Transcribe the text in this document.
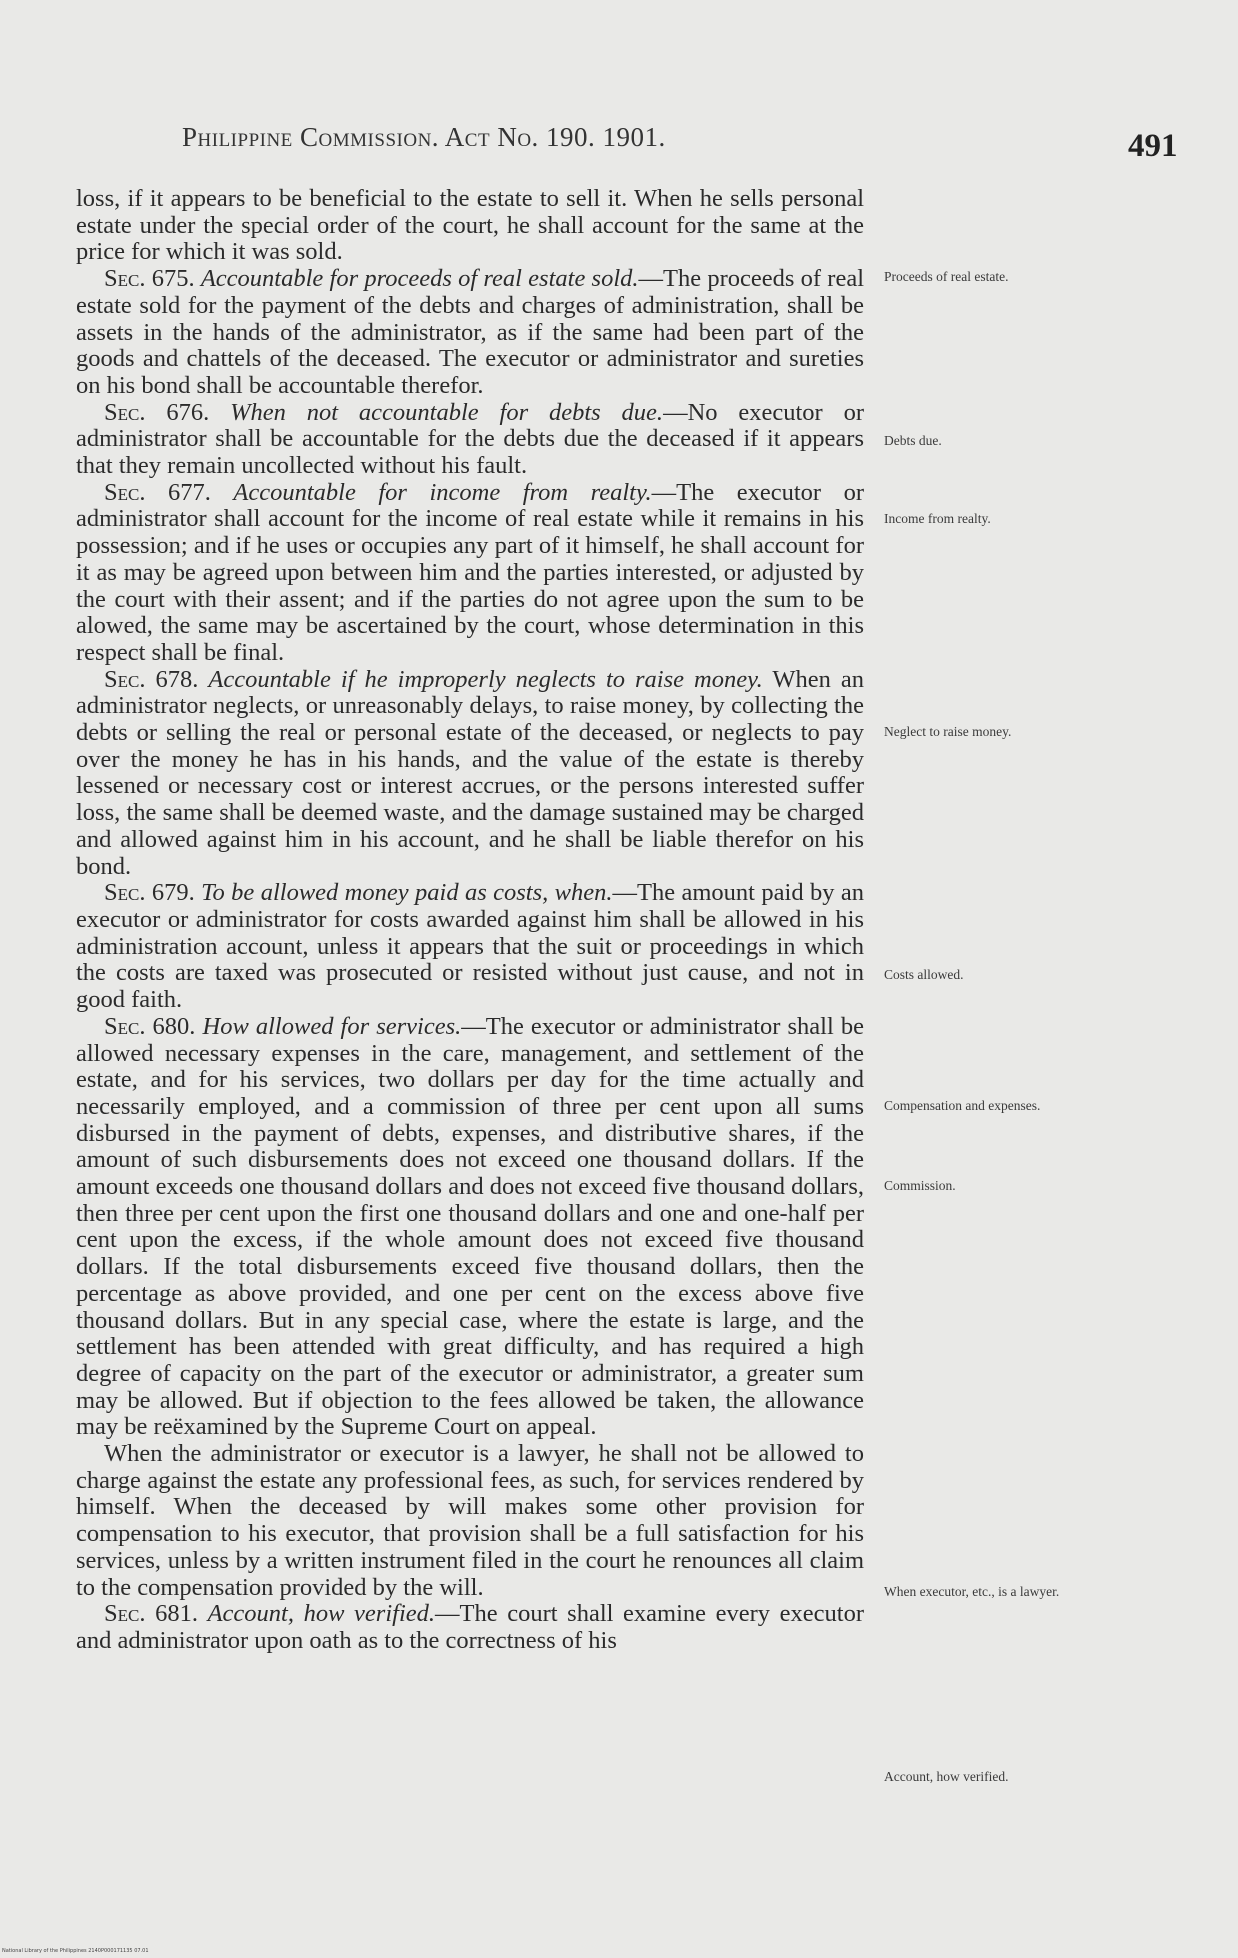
Philippine Commission. Act No. 190. 1901.	491

loss, if it appears to be beneficial to the estate to sell it. When he sells personal estate under the special order of the court, he shall account for the same at the price for which it was sold.

Sec. 675. Accountable for proceeds of real estate sold.—The proceeds of real estate sold for the payment of the debts and charges of administration, shall be assets in the hands of the administrator, as if the same had been part of the goods and chattels of the deceased. The executor or administrator and sureties on his bond shall be accountable therefor.

Sec. 676. When not accountable for debts due.—No executor or administrator shall be accountable for the debts due the deceased if it appears that they remain uncollected without his fault.

Sec. 677. Accountable for income from realty.—The executor or administrator shall account for the income of real estate while it remains in his possession; and if he uses or occupies any part of it himself, he shall account for it as may be agreed upon between him and the parties interested, or adjusted by the court with their assent; and if the parties do not agree upon the sum to be alowed, the same may be ascertained by the court, whose determination in this respect shall be final.

Sec. 678. Accountable if he improperly neglects to raise money. When an administrator neglects, or unreasonably delays, to raise money, by collecting the debts or selling the real or personal estate of the deceased, or neglects to pay over the money he has in his hands, and the value of the estate is thereby lessened or necessary cost or interest accrues, or the persons interested suffer loss, the same shall be deemed waste, and the damage sustained may be charged and allowed against him in his account, and he shall be liable therefor on his bond.

Sec. 679. To be allowed money paid as costs, when.—The amount paid by an executor or administrator for costs awarded against him shall be allowed in his administration account, unless it appears that the suit or proceedings in which the costs are taxed was prosecuted or resisted without just cause, and not in good faith.

Sec. 680. How allowed for services.—The executor or administrator shall be allowed necessary expenses in the care, management, and settlement of the estate, and for his services, two dollars per day for the time actually and necessarily employed, and a commission of three per cent upon all sums disbursed in the payment of debts, expenses, and distributive shares, if the amount of such disbursements does not exceed one thousand dollars. If the amount exceeds one thousand dollars and does not exceed five thousand dollars, then three per cent upon the first one thousand dollars and one and one-half per cent upon the excess, if the whole amount does not exceed five thousand dollars. If the total disbursements exceed five thousand dollars, then the percentage as above provided, and one per cent on the excess above five thousand dollars. But in any special case, where the estate is large, and the settlement has been attended with great difficulty, and has required a high degree of capacity on the part of the executor or administrator, a greater sum may be allowed. But if objection to the fees allowed be taken, the allowance may be reëxamined by the Supreme Court on appeal.

When the administrator or executor is a lawyer, he shall not be allowed to charge against the estate any professional fees, as such, for services rendered by himself. When the deceased by will makes some other provision for compensation to his executor, that provision shall be a full satisfaction for his services, unless by a written instrument filed in the court he renounces all claim to the compensation provided by the will.

Sec. 681. Account, how verified.—The court shall examine every executor and administrator upon oath as to the correctness of his

Proceeds of real estate.
Debts due.
Income from realty.
Neglect to raise money.
Costs allowed.
Compensation and expenses.
Commission.
When executor, etc., is a lawyer.
Account, how verified.
National Library of the Philippines 2140P000171135 07.01
